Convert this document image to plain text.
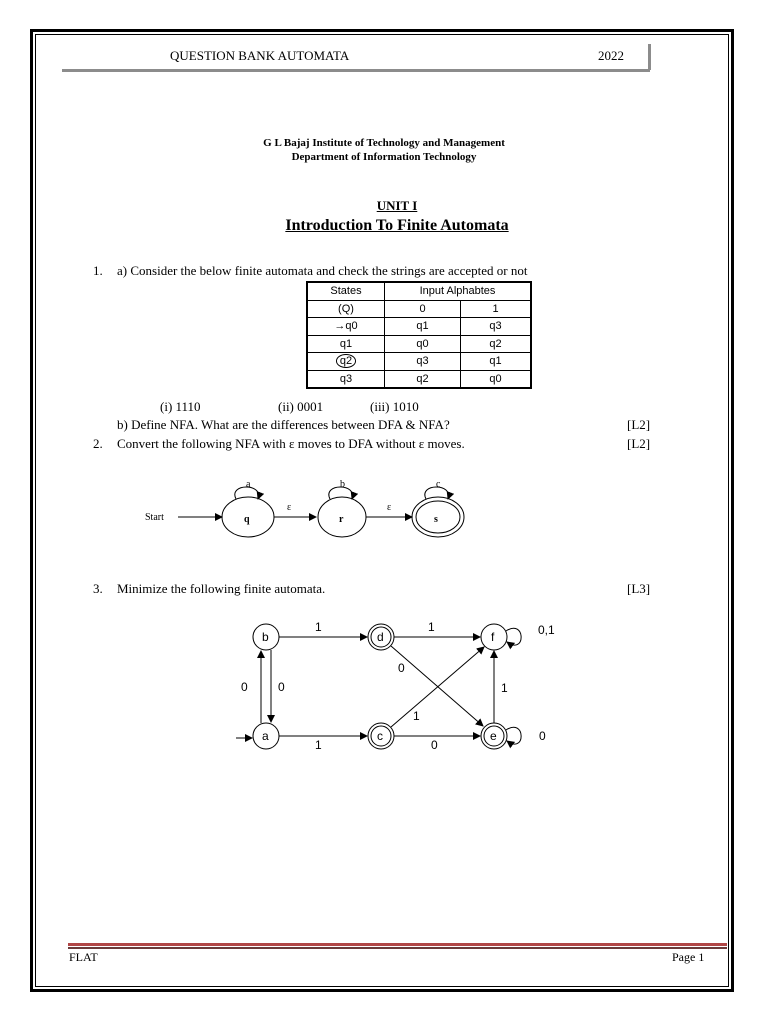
QUESTION BANK AUTOMATA	2022
G L Bajaj Institute of Technology and Management
Department of Information Technology
UNIT I
Introduction To Finite Automata
1. a) Consider the below finite automata and check the strings are accepted or not
States	Input Alphabtes	
(Q)	0	1
→q0	q1	q3
q1	q0	q2
q2	q3	q1
q3	q2	q0
(i) 1110	(ii) 0001	(iii) 1010
b) Define NFA. What are the differences between DFA & NFA?	[L2]
2. Convert the following NFA with ε moves to DFA without ε moves.	[L2]
Start	q
a
ε
r
b
ε
s
c
b	d	f
a	c	e
1	1	0,1
0	0
0
1
1
1	0
0
3. Minimize the following finite automata.	[L3]
FLAT	Page 1
